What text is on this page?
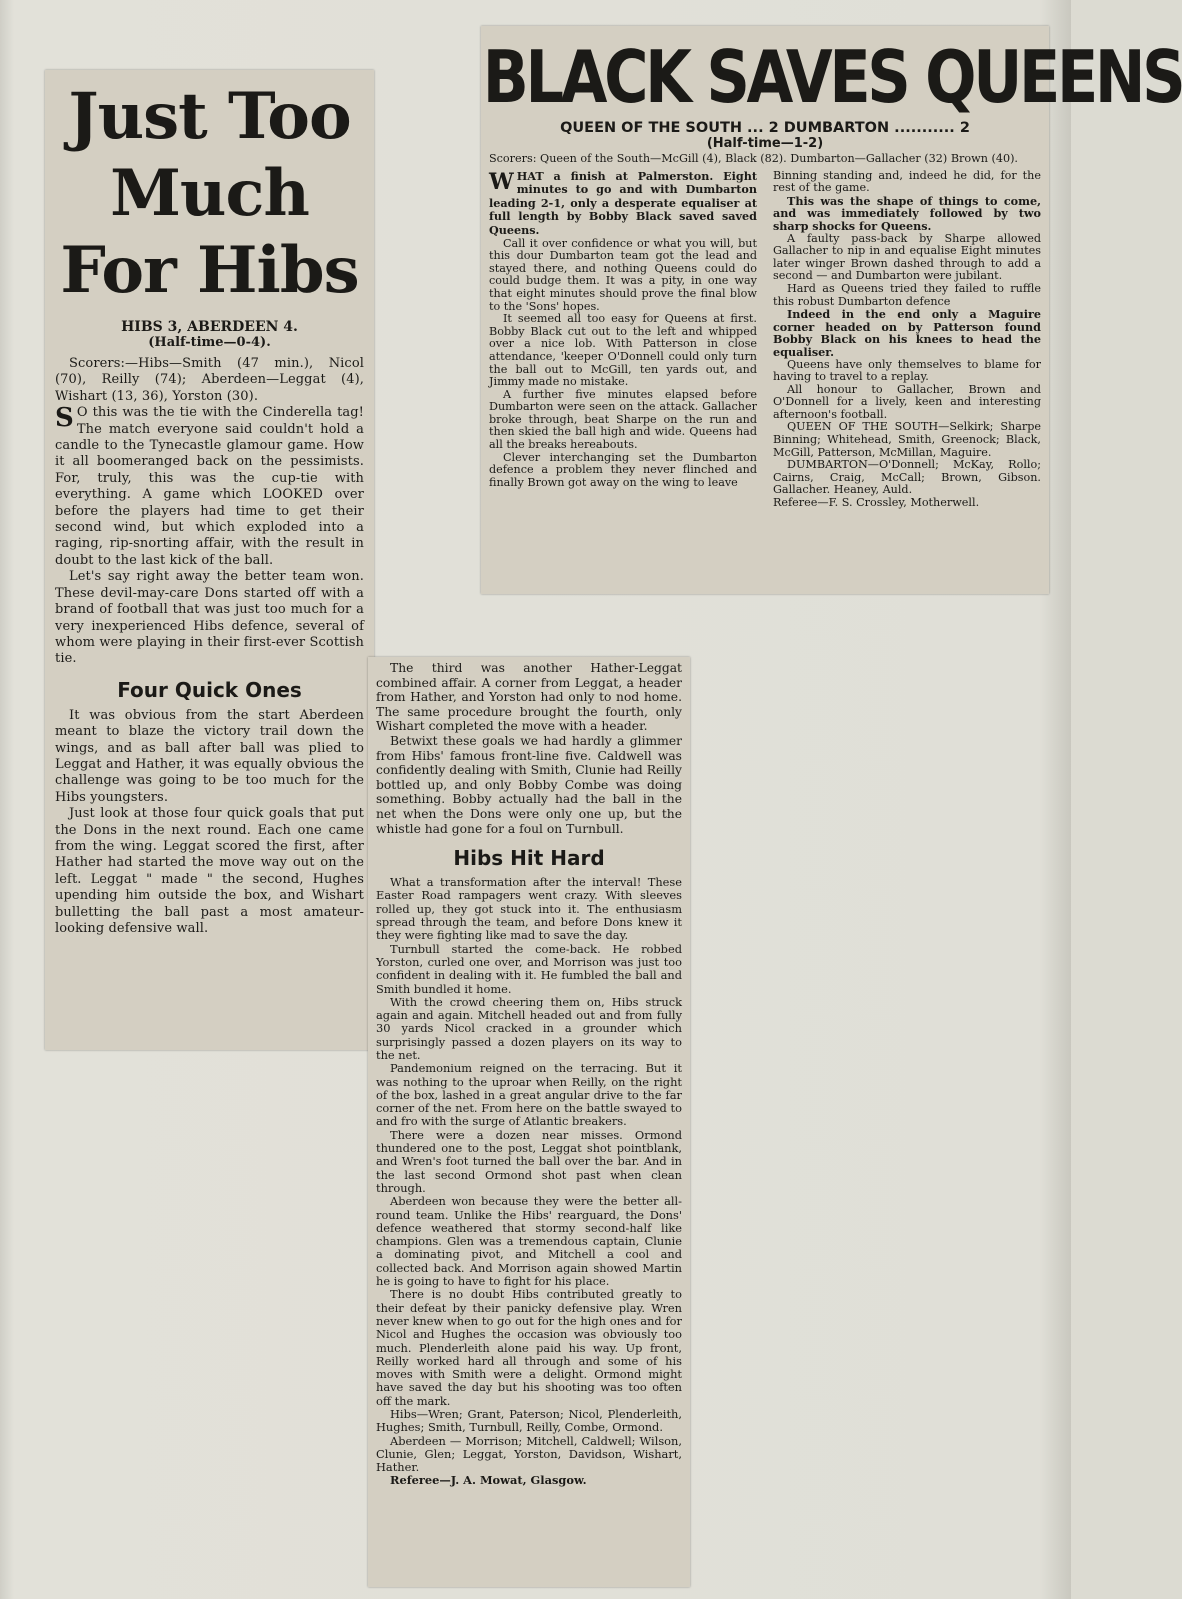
Just Too Much For Hibs
HIBS 3, ABERDEEN 4.
(Half-time—0-4).

Scorers:—Hibs—Smith (47 min.), Nicol (70), Reilly (74); Aberdeen—Leggat (4), Wishart (13, 36), Yorston (30).

S O this was the tie with the Cinderella tag! The match everyone said couldn't hold a candle to the Tynecastle glamour game. How it all boomeranged back on the pessimists. For, truly, this was the cup-tie with everything. A game which LOOKED over before the players had time to get their second wind, but which exploded into a raging, rip-snorting affair, with the result in doubt to the last kick of the ball.

Let's say right away the better team won. These devil-may-care Dons started off with a brand of football that was just too much for a very inexperienced Hibs defence, several of whom were playing in their first-ever Scottish tie.

Four Quick Ones

It was obvious from the start Aberdeen meant to blaze the victory trail down the wings, and as ball after ball was plied to Leggat and Hather, it was equally obvious the challenge was going to be too much for the Hibs youngsters.

Just look at those four quick goals that put the Dons in the next round. Each one came from the wing. Leggat scored the first, after Hather had started the move way out on the left. Leggat " made " the second, Hughes upending him outside the box, and Wishart bulletting the ball past a most amateur-looking defensive wall.

BLACK SAVES QUEENS
QUEEN OF THE SOUTH ... 2 DUMBARTON ........... 2
(Half-time—1-2)

Scorers: Queen of the South—McGill (4), Black (82). Dumbarton—Gallacher (32) Brown (40).

WHAT a finish at Palmerston. Eight minutes to go and with Dumbarton leading 2-1, only a desperate equaliser at full length by Bobby Black saved saved Queens.

Call it over confidence or what you will, but this dour Dumbarton team got the lead and stayed there, and nothing Queens could do could budge them. It was a pity, in one way that eight minutes should prove the final blow to the 'Sons' hopes.

It seemed all too easy for Queens at first. Bobby Black cut out to the left and whipped over a nice lob. With Patterson in close attendance, 'keeper O'Donnell could only turn the ball out to McGill, ten yards out, and Jimmy made no mistake.

A further five minutes elapsed before Dumbarton were seen on the attack. Gallacher broke through, beat Sharpe on the run and then skied the ball high and wide. Queens had all the breaks hereabouts.

Clever interchanging set the Dumbarton defence a problem they never flinched and finally Brown got away on the wing to leave

Binning standing and, indeed he did, for the rest of the game.

This was the shape of things to come, and was immediately followed by two sharp shocks for Queens.

A faulty pass-back by Sharpe allowed Gallacher to nip in and equalise Eight minutes later winger Brown dashed through to add a second — and Dumbarton were jubilant.

Hard as Queens tried they failed to ruffle this robust Dumbarton defence

Indeed in the end only a Maguire corner headed on by Patterson found Bobby Black on his knees to head the equaliser.

Queens have only themselves to blame for having to travel to a replay.

All honour to Gallacher, Brown and O'Donnell for a lively, keen and interesting afternoon's football.

QUEEN OF THE SOUTH—Selkirk; Sharpe Binning; Whitehead, Smith, Greenock; Black, McGill, Patterson, McMillan, Maguire.

DUMBARTON—O'Donnell; McKay, Rollo; Cairns, Craig, McCall; Brown, Gibson. Gallacher. Heaney, Auld.

Referee—F. S. Crossley, Motherwell.

The third was another Hather-Leggat combined affair. A corner from Leggat, a header from Hather, and Yorston had only to nod home. The same procedure brought the fourth, only Wishart completed the move with a header.

Betwixt these goals we had hardly a glimmer from Hibs' famous front-line five. Caldwell was confidently dealing with Smith, Clunie had Reilly bottled up, and only Bobby Combe was doing something. Bobby actually had the ball in the net when the Dons were only one up, but the whistle had gone for a foul on Turnbull.

Hibs Hit Hard

What a transformation after the interval! These Easter Road rampagers went crazy. With sleeves rolled up, they got stuck into it. The enthusiasm spread through the team, and before Dons knew it they were fighting like mad to save the day.

Turnbull started the come-back. He robbed Yorston, curled one over, and Morrison was just too confident in dealing with it. He fumbled the ball and Smith bundled it home.

With the crowd cheering them on, Hibs struck again and again. Mitchell headed out and from fully 30 yards Nicol cracked in a grounder which surprisingly passed a dozen players on its way to the net.

Pandemonium reigned on the terracing. But it was nothing to the uproar when Reilly, on the right of the box, lashed in a great angular drive to the far corner of the net. From here on the battle swayed to and fro with the surge of Atlantic breakers.

There were a dozen near misses. Ormond thundered one to the post, Leggat shot pointblank, and Wren's foot turned the ball over the bar. And in the last second Ormond shot past when clean through.

Aberdeen won because they were the better all-round team. Unlike the Hibs' rearguard, the Dons' defence weathered that stormy second-half like champions. Glen was a tremendous captain, Clunie a dominating pivot, and Mitchell a cool and collected back. And Morrison again showed Martin he is going to have to fight for his place.

There is no doubt Hibs contributed greatly to their defeat by their panicky defensive play. Wren never knew when to go out for the high ones and for Nicol and Hughes the occasion was obviously too much. Plenderleith alone paid his way. Up front, Reilly worked hard all through and some of his moves with Smith were a delight. Ormond might have saved the day but his shooting was too often off the mark.

Hibs—Wren; Grant, Paterson; Nicol, Plenderleith, Hughes; Smith, Turnbull, Reilly, Combe, Ormond.

Aberdeen — Morrison; Mitchell, Caldwell; Wilson, Clunie, Glen; Leggat, Yorston, Davidson, Wishart, Hather.

Referee—J. A. Mowat, Glasgow.
